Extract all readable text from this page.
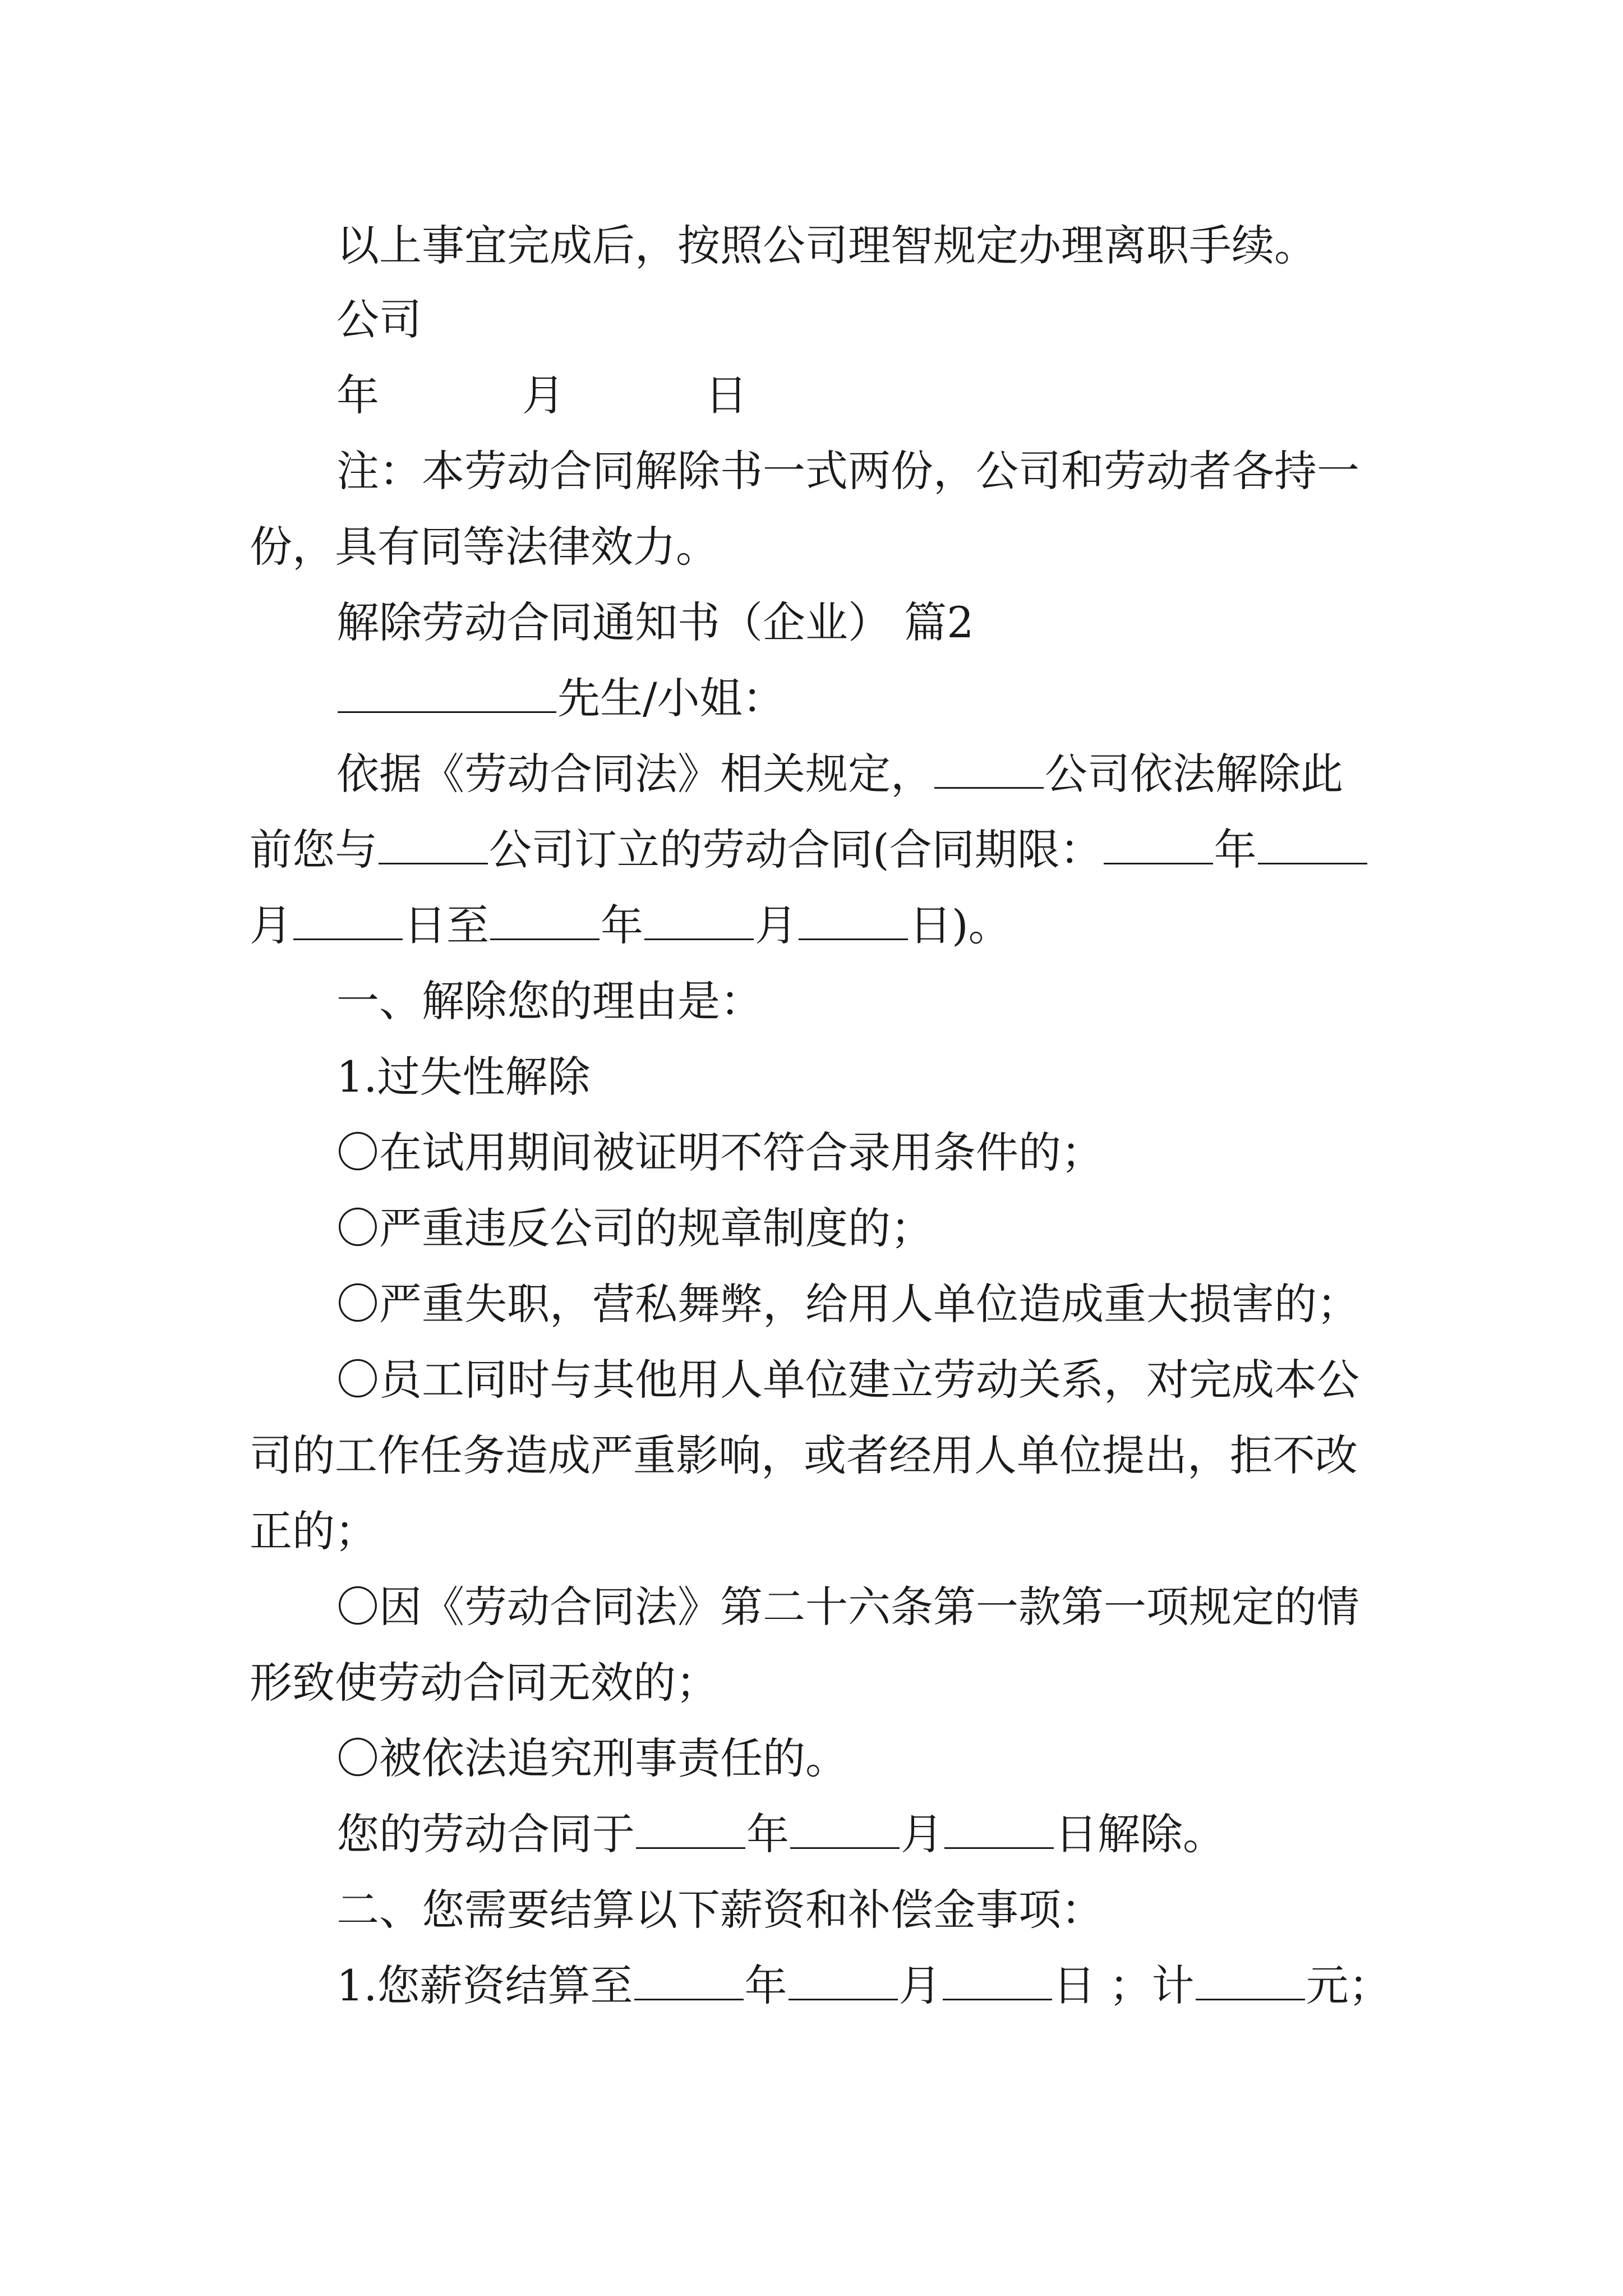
以上事宜完成后，按照公司理智规定办理离职手续。
公司
年	月	日
注：本劳动合同解除书一式两份，公司和劳动者各持一
份，具有同等法律效力。
解除劳动合同通知书（企业） 篇2
先生/小姐：
依据《劳动合同法》相关规定，	公司依法解除此
前您与	公司订立的劳动合同(合同期限：	年
月	日至	年	月	日)。
一、解除您的理由是：
1.过失性解除
〇在试用期间被证明不符合录用条件的；
〇严重违反公司的规章制度的；
〇严重失职，营私舞弊，给用人单位造成重大损害的；
〇员工同时与其他用人单位建立劳动关系，对完成本公
司的工作任务造成严重影响，或者经用人单位提出，拒不改
正的；
〇因《劳动合同法》第二十六条第一款第一项规定的情
形致使劳动合同无效的；
〇被依法追究刑事责任的。
您的劳动合同于	年	月	日解除。
二、您需要结算以下薪资和补偿金事项：
1.您薪资结算至	年	月	日 ；计	元；
